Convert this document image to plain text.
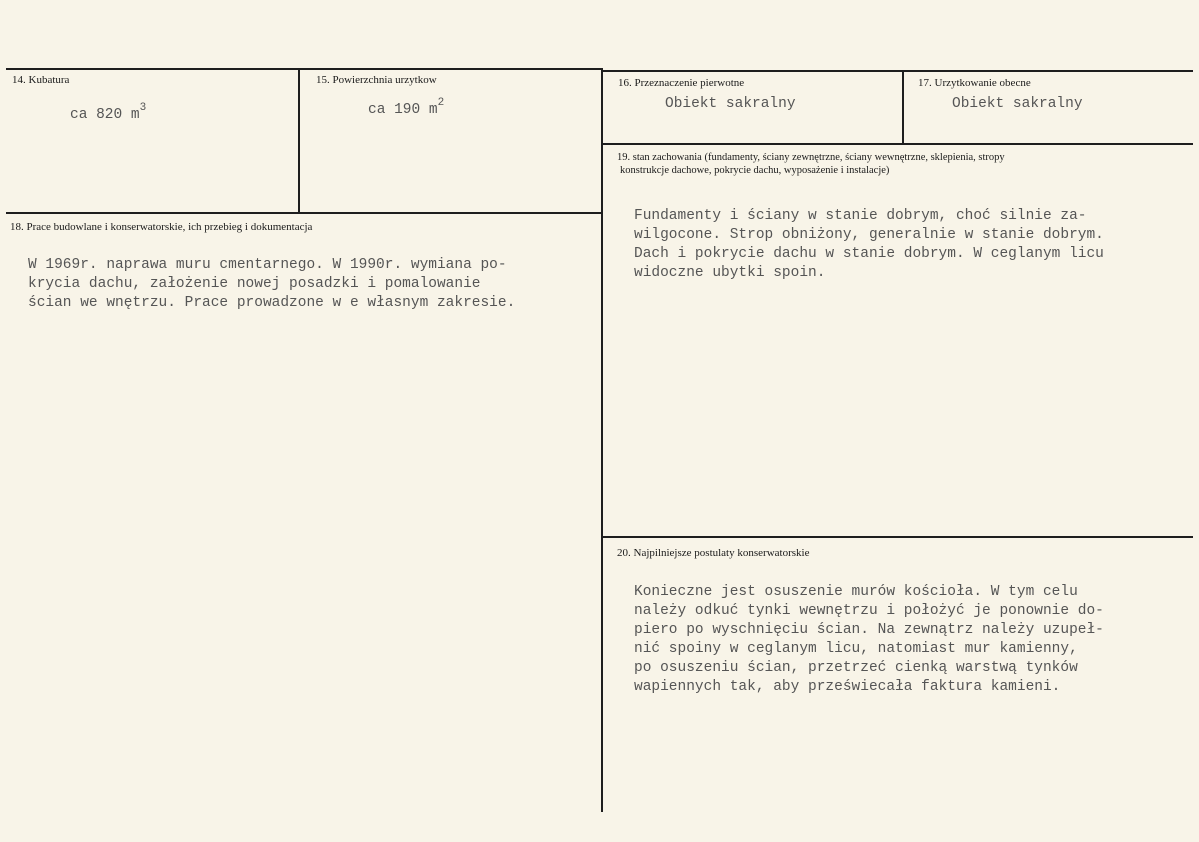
14. Kubatura
ca 820 $m^3$
15. Powierzchnia urzytkow
ca 190 $m^2$
16. Przeznaczenie pierwotne
Obiekt sakralny
17. Urzytkowanie obecne
Obiekt sakralny
18. Prace budowlane i konserwatorskie, ich przebieg i dokumentacja

W 1969r. naprawa muru cmentarnego. W 1990r. wymiana po-
krycia dachu, założenie nowej posadzki i pomalowanie
ścian we wnętrzu. Prace prowadzone w e własnym zakresie.
19. stan zachowania (fundamenty, ściany zewnętrzne, ściany wewnętrzne, sklepienia, stropy
konstrukcje dachowe, pokrycie dachu, wyposażenie i instalacje)

Fundamenty i ściany w stanie dobrym, choć silnie za-
wilgocone. Strop obniżony, generalnie w stanie dobrym.
Dach i pokrycie dachu w stanie dobrym. W ceglanym licu
widoczne ubytki spoin.
20. Najpilniejsze postulaty konserwatorskie

Konieczne jest osuszenie murów kościoła. W tym celu
należy odkuć tynki wewnętrzu i położyć je ponownie do-
piero po wyschnięciu ścian. Na zewnątrz należy uzupeł-
nić spoiny w ceglanym licu, natomiast mur kamienny,
po osuszeniu ścian, przetrzeć cienką warstwą tynków
wapiennych tak, aby przeświecała faktura kamieni.
